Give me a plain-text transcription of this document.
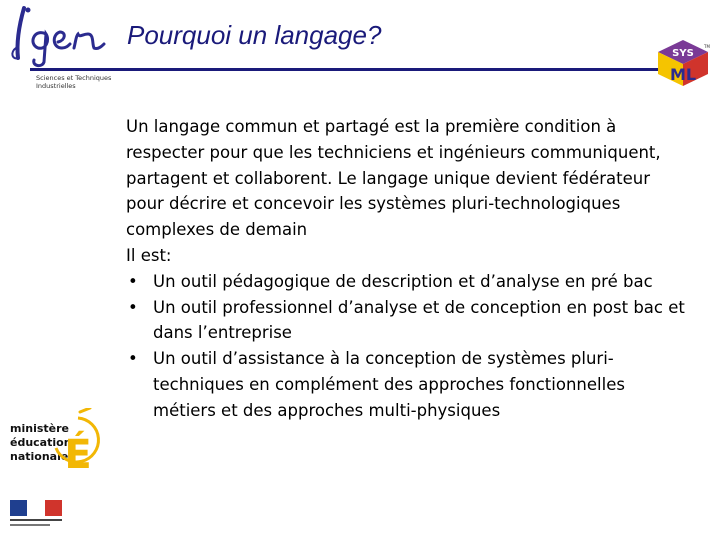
Sciences et Techniques Industrielles
Pourquoi un langage?
SYS
ML
TM

Un langage commun et partagé est la première condition à respecter pour que les techniciens et ingénieurs communiquent, partagent et collaborent. Le langage unique devient fédérateur pour décrire et concevoir les systèmes pluri-technologiques complexes de demain

Il est:

• Un outil pédagogique de description et d’analyse en pré bac
• Un outil professionnel d’analyse et de conception en post bac et dans l’entreprise
• Un outil d’assistance à la conception de systèmes pluri-techniques en complément des approches fonctionnelles métiers et des approches multi-physiques
ministère
éducation
nationale
É
